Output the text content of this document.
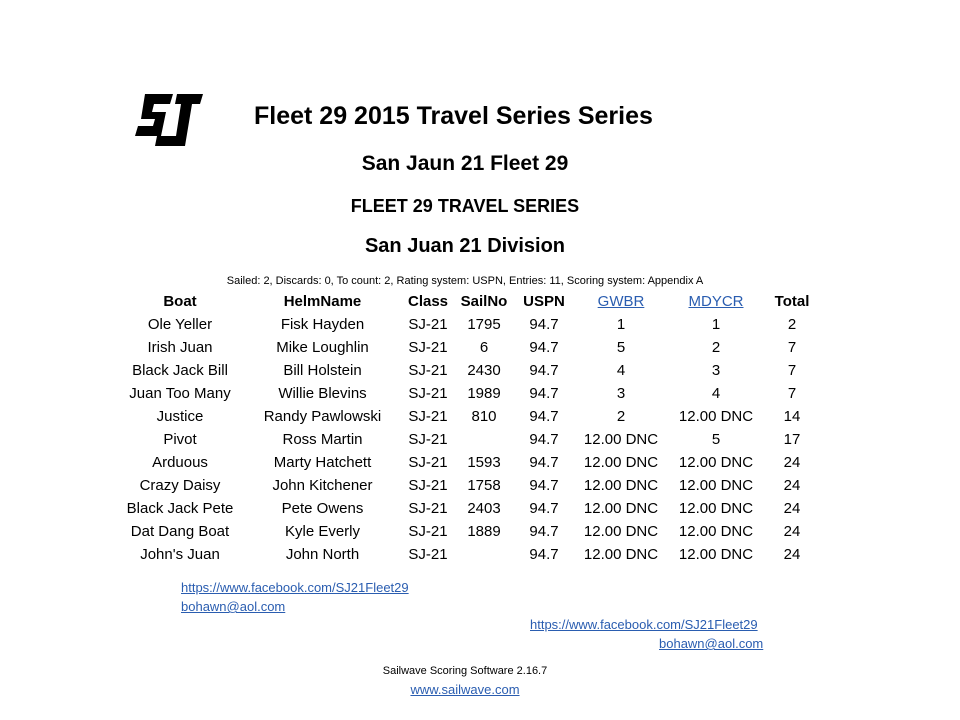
Fleet 29 2015 Travel Series Series
San Jaun 21 Fleet 29
FLEET 29 TRAVEL SERIES
San Juan 21 Division
Sailed: 2, Discards: 0, To count: 2, Rating system: USPN, Entries: 11, Scoring system: Appendix A
Boat	HelmName	Class	SailNo	USPN	GWBR	MDYCR	Total
Ole Yeller	Fisk Hayden	SJ-21	1795	94.7	1	1	2
Irish Juan	Mike Loughlin	SJ-21	6	94.7	5	2	7
Black Jack Bill	Bill Holstein	SJ-21	2430	94.7	4	3	7
Juan Too Many	Willie Blevins	SJ-21	1989	94.7	3	4	7
Justice	Randy Pawlowski	SJ-21	810	94.7	2	12.00 DNC	14
Pivot	Ross Martin	SJ-21		94.7	12.00 DNC	5	17
Arduous	Marty Hatchett	SJ-21	1593	94.7	12.00 DNC	12.00 DNC	24
Crazy Daisy	John Kitchener	SJ-21	1758	94.7	12.00 DNC	12.00 DNC	24
Black Jack Pete	Pete Owens	SJ-21	2403	94.7	12.00 DNC	12.00 DNC	24
Dat Dang Boat	Kyle Everly	SJ-21	1889	94.7	12.00 DNC	12.00 DNC	24
John's Juan	John North	SJ-21		94.7	12.00 DNC	12.00 DNC	24
https://www.facebook.com/SJ21Fleet29
bohawn@aol.com
https://www.facebook.com/SJ21Fleet29
bohawn@aol.com
Sailwave Scoring Software 2.16.7
www.sailwave.com
